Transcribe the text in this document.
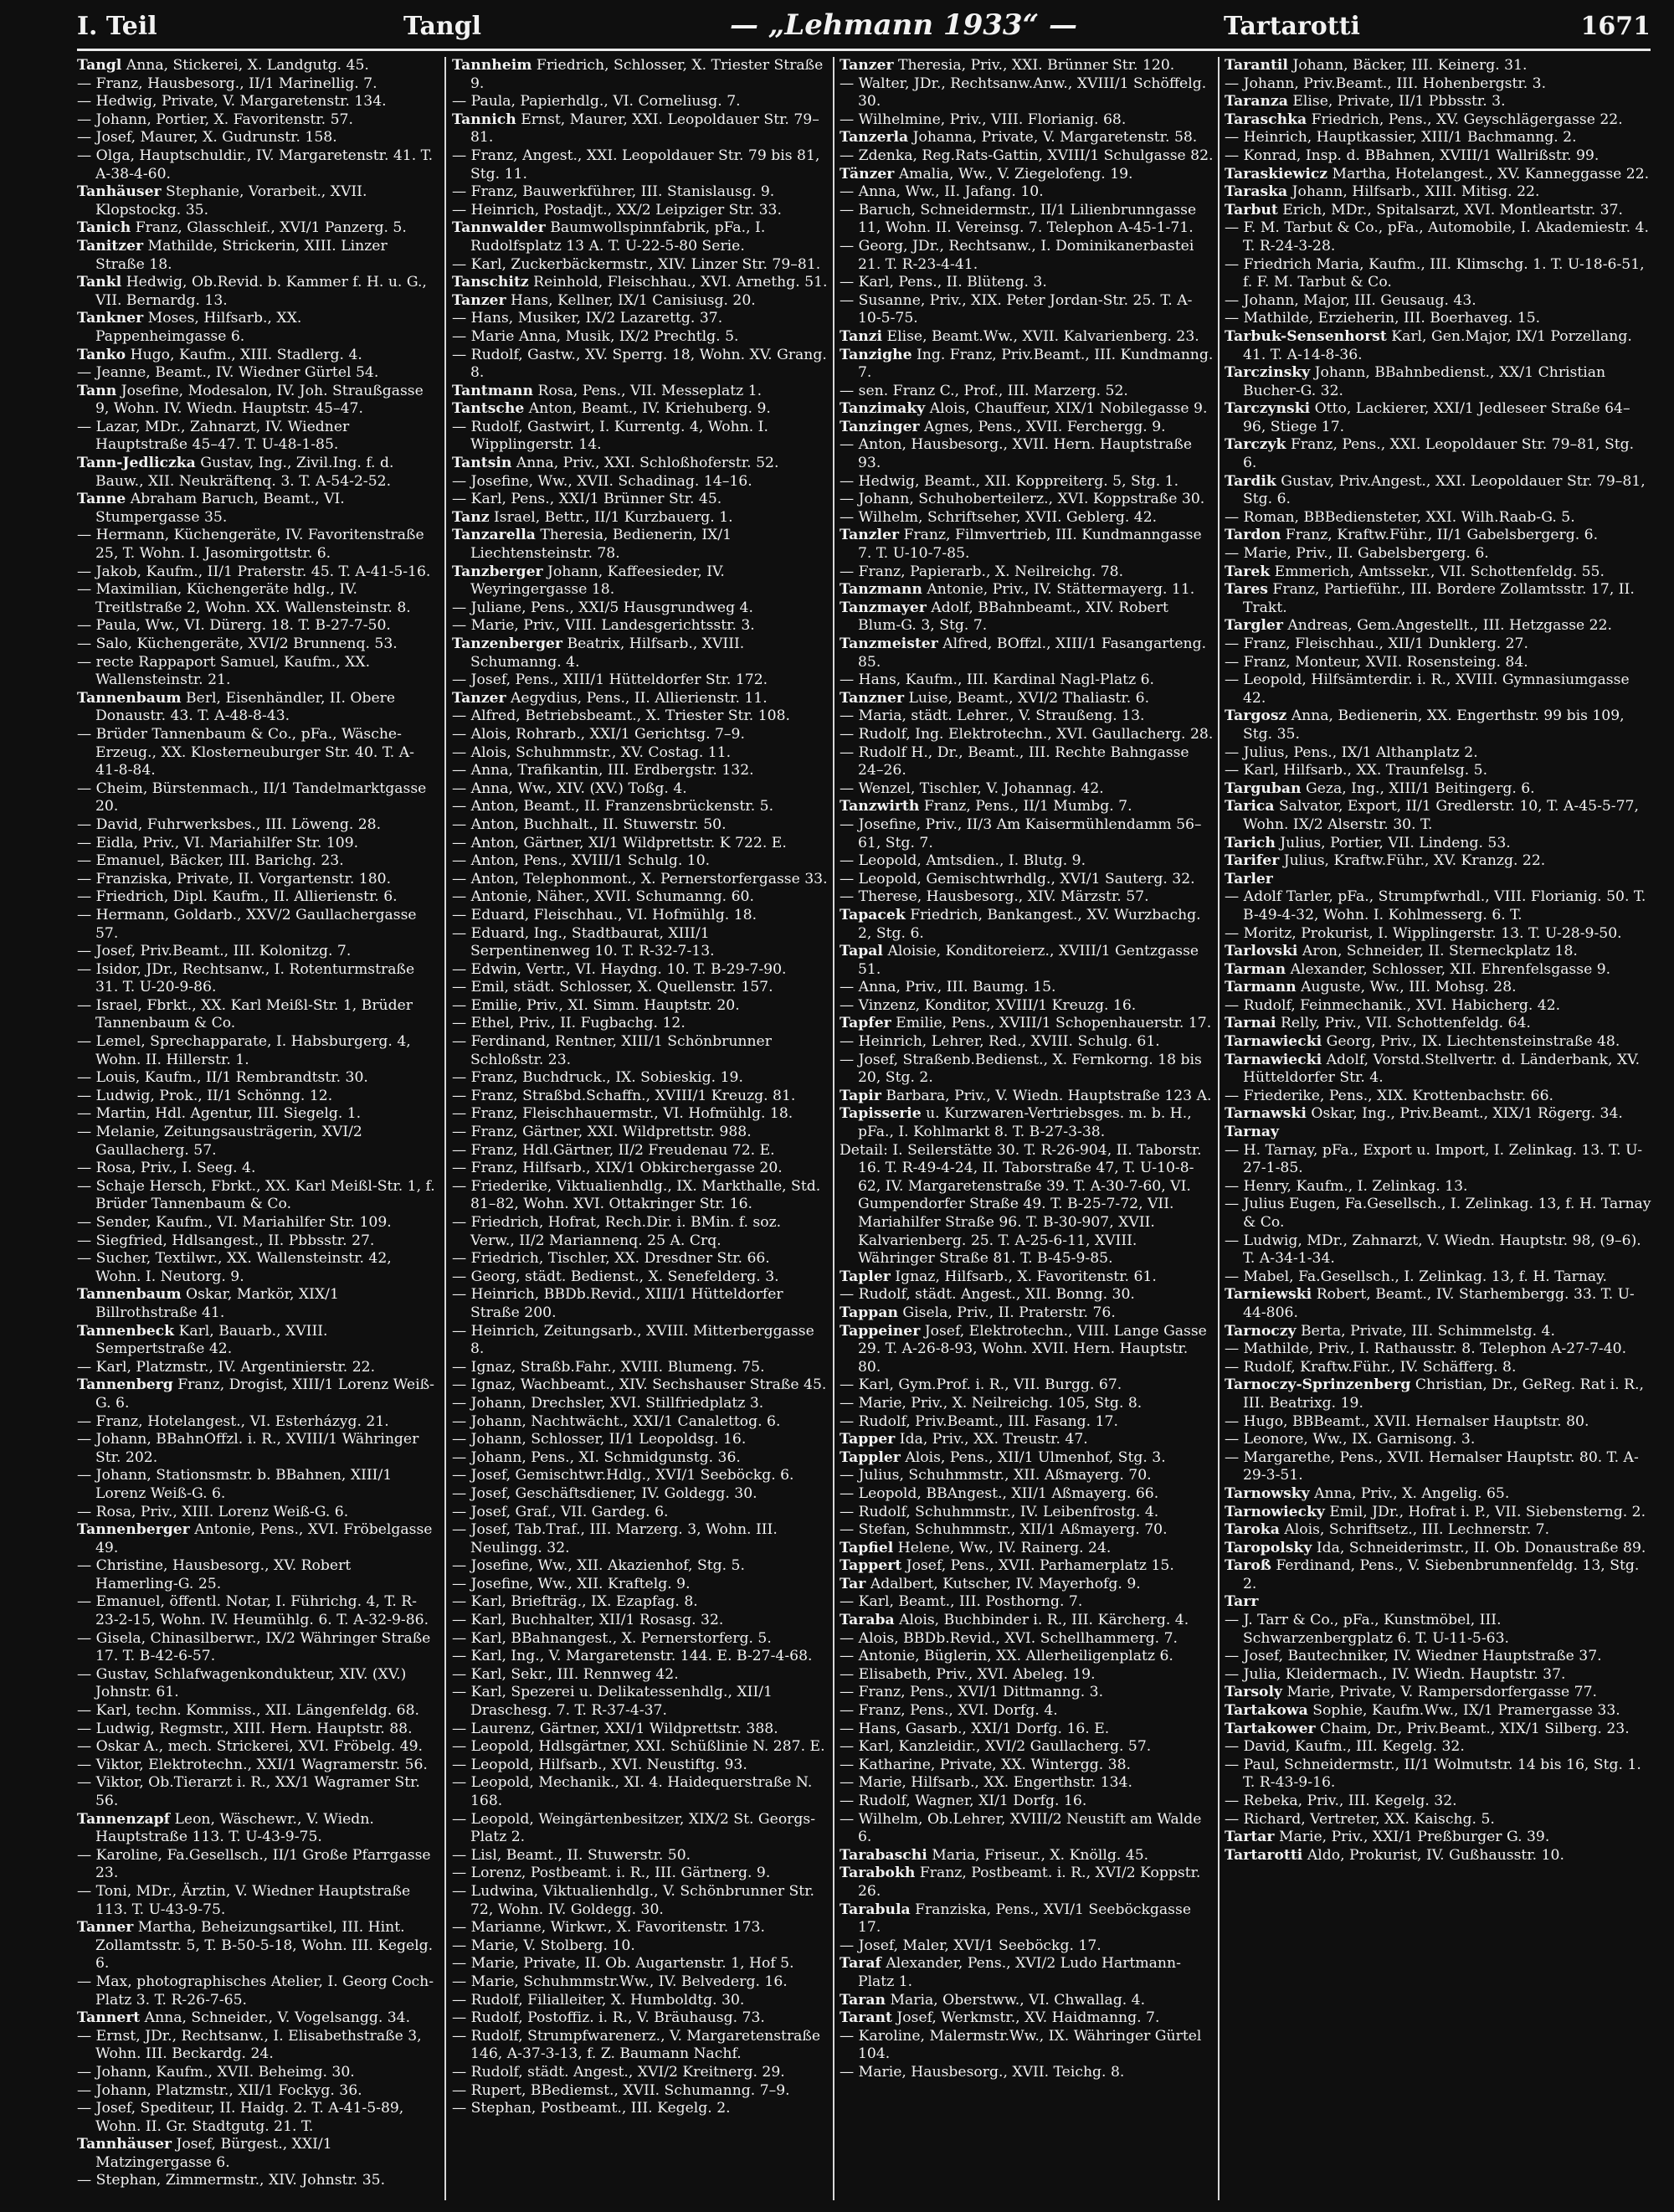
I. Teil	Tangl	— „Lehmann 1933“ —	Tartarotti	1671

Tangl Anna, Stickerei, X. Landgutg. 45.

— Franz, Hausbesorg., II/1 Marinellig. 7.

— Hedwig, Private, V. Margaretenstr. 134.

— Johann, Portier, X. Favoritenstr. 57.

— Josef, Maurer, X. Gudrunstr. 158.

— Olga, Hauptschuldir., IV. Margaretenstr. 41. T. A-38-4-60.

Tanhäuser Stephanie, Vorarbeit., XVII. Klopstockg. 35.

Tanich Franz, Glasschleif., XVI/1 Panzerg. 5.

Tanitzer Mathilde, Strickerin, XIII. Linzer Straße 18.

Tankl Hedwig, Ob.Revid. b. Kammer f. H. u. G., VII. Bernardg. 13.

Tankner Moses, Hilfsarb., XX. Pappenheimgasse 6.

Tanko Hugo, Kaufm., XIII. Stadlerg. 4.

— Jeanne, Beamt., IV. Wiedner Gürtel 54.

Tann Josefine, Modesalon, IV. Joh. Straußgasse 9, Wohn. IV. Wiedn. Hauptstr. 45–47.

— Lazar, MDr., Zahnarzt, IV. Wiedner Hauptstraße 45–47. T. U-48-1-85.

Tann-Jedliczka Gustav, Ing., Zivil.Ing. f. d. Bauw., XII. Neukräftenq. 3. T. A-54-2-52.

Tanne Abraham Baruch, Beamt., VI. Stumpergasse 35.

— Hermann, Küchengeräte, IV. Favoritenstraße 25, T. Wohn. I. Jasomirgottstr. 6.

— Jakob, Kaufm., II/1 Praterstr. 45. T. A-41-5-16.

— Maximilian, Küchengeräte hdlg., IV. Treitlstraße 2, Wohn. XX. Wallensteinstr. 8.

— Paula, Ww., VI. Dürerg. 18. T. B-27-7-50.

— Salo, Küchengeräte, XVI/2 Brunnenq. 53.

— recte Rappaport Samuel, Kaufm., XX. Wallensteinstr. 21.

Tannenbaum Berl, Eisenhändler, II. Obere Donaustr. 43. T. A-48-8-43.

— Brüder Tannenbaum & Co., pFa., Wäsche-Erzeug., XX. Klosterneuburger Str. 40. T. A-41-8-84.

— Cheim, Bürstenmach., II/1 Tandelmarktgasse 20.

— David, Fuhrwerksbes., III. Löweng. 28.

— Eidla, Priv., VI. Mariahilfer Str. 109.

— Emanuel, Bäcker, III. Barichg. 23.

— Franziska, Private, II. Vorgartenstr. 180.

— Friedrich, Dipl. Kaufm., II. Allierienstr. 6.

— Hermann, Goldarb., XXV/2 Gaullachergasse 57.

— Josef, Priv.Beamt., III. Kolonitzg. 7.

— Isidor, JDr., Rechtsanw., I. Rotenturmstraße 31. T. U-20-9-86.

— Israel, Fbrkt., XX. Karl Meißl-Str. 1, Brüder Tannenbaum & Co.

— Lemel, Sprechapparate, I. Habsburgerg. 4, Wohn. II. Hillerstr. 1.

— Louis, Kaufm., II/1 Rembrandtstr. 30.

— Ludwig, Prok., II/1 Schönng. 12.

— Martin, Hdl. Agentur, III. Siegelg. 1.

— Melanie, Zeitungsausträgerin, XVI/2 Gaullacherg. 57.

— Rosa, Priv., I. Seeg. 4.

— Schaje Hersch, Fbrkt., XX. Karl Meißl-Str. 1, f. Brüder Tannenbaum & Co.

— Sender, Kaufm., VI. Mariahilfer Str. 109.

— Siegfried, Hdlsangest., II. Pbbsstr. 27.

— Sucher, Textilwr., XX. Wallensteinstr. 42, Wohn. I. Neutorg. 9.

Tannenbaum Oskar, Markör, XIX/1 Billrothstraße 41.

Tannenbeck Karl, Bauarb., XVIII. Sempertstraße 42.

— Karl, Platzmstr., IV. Argentinierstr. 22.

Tannenberg Franz, Drogist, XIII/1 Lorenz Weiß-G. 6.

— Franz, Hotelangest., VI. Esterházyg. 21.

— Johann, BBahnOffzl. i. R., XVIII/1 Währinger Str. 202.

— Johann, Stationsmstr. b. BBahnen, XIII/1 Lorenz Weiß-G. 6.

— Rosa, Priv., XIII. Lorenz Weiß-G. 6.

Tannenberger Antonie, Pens., XVI. Fröbelgasse 49.

— Christine, Hausbesorg., XV. Robert Hamerling-G. 25.

— Emanuel, öffentl. Notar, I. Führichg. 4, T. R-23-2-15, Wohn. IV. Heumühlg. 6. T. A-32-9-86.

— Gisela, Chinasilberwr., IX/2 Währinger Straße 17. T. B-42-6-57.

— Gustav, Schlafwagenkondukteur, XIV. (XV.) Johnstr. 61.

— Karl, techn. Kommiss., XII. Längenfeldg. 68.

— Ludwig, Regmstr., XIII. Hern. Hauptstr. 88.

— Oskar A., mech. Strickerei, XVI. Fröbelg. 49.

— Viktor, Elektrotechn., XXI/1 Wagramerstr. 56.

— Viktor, Ob.Tierarzt i. R., XX/1 Wagramer Str. 56.

Tannenzapf Leon, Wäschewr., V. Wiedn. Hauptstraße 113. T. U-43-9-75.

— Karoline, Fa.Gesellsch., II/1 Große Pfarrgasse 23.

— Toni, MDr., Ärztin, V. Wiedner Hauptstraße 113. T. U-43-9-75.

Tanner Martha, Beheizungsartikel, III. Hint. Zollamtsstr. 5, T. B-50-5-18, Wohn. III. Kegelg. 6.

— Max, photographisches Atelier, I. Georg Coch-Platz 3. T. R-26-7-65.

Tannert Anna, Schneider., V. Vogelsangg. 34.

— Ernst, JDr., Rechtsanw., I. Elisabethstraße 3, Wohn. III. Beckardg. 24.

— Johann, Kaufm., XVII. Beheimg. 30.

— Johann, Platzmstr., XII/1 Fockyg. 36.

— Josef, Spediteur, II. Haidg. 2. T. A-41-5-89, Wohn. II. Gr. Stadtgutg. 21. T.

Tannhäuser Josef, Bürgest., XXI/1 Matzingergasse 6.

— Stephan, Zimmermstr., XIV. Johnstr. 35.

Tannheim Friedrich, Schlosser, X. Triester Straße 9.

— Paula, Papierhdlg., VI. Corneliusg. 7.

Tannich Ernst, Maurer, XXI. Leopoldauer Str. 79–81.

— Franz, Angest., XXI. Leopoldauer Str. 79 bis 81, Stg. 11.

— Franz, Bauwerkführer, III. Stanislausg. 9.

— Heinrich, Postadjt., XX/2 Leipziger Str. 33.

Tannwalder Baumwollspinnfabrik, pFa., I. Rudolfsplatz 13 A. T. U-22-5-80 Serie.

— Karl, Zuckerbäckermstr., XIV. Linzer Str. 79–81.

Tanschitz Reinhold, Fleischhau., XVI. Arnethg. 51.

Tanzer Hans, Kellner, IX/1 Canisiusg. 20.

— Hans, Musiker, IX/2 Lazarettg. 37.

— Marie Anna, Musik, IX/2 Prechtlg. 5.

— Rudolf, Gastw., XV. Sperrg. 18, Wohn. XV. Grang. 8.

Tantmann Rosa, Pens., VII. Messeplatz 1.

Tantsche Anton, Beamt., IV. Kriehuberg. 9.

— Rudolf, Gastwirt, I. Kurrentg. 4, Wohn. I. Wipplingerstr. 14.

Tantsin Anna, Priv., XXI. Schloßhoferstr. 52.

— Josefine, Ww., XVII. Schadinag. 14–16.

— Karl, Pens., XXI/1 Brünner Str. 45.

Tanz Israel, Bettr., II/1 Kurzbauerg. 1.

Tanzarella Theresia, Bedienerin, IX/1 Liechtensteinstr. 78.

Tanzberger Johann, Kaffeesieder, IV. Weyringergasse 18.

— Juliane, Pens., XXI/5 Hausgrundweg 4.

— Marie, Priv., VIII. Landesgerichtsstr. 3.

Tanzenberger Beatrix, Hilfsarb., XVIII. Schumanng. 4.

— Josef, Pens., XIII/1 Hütteldorfer Str. 172.

Tanzer Aegydius, Pens., II. Allierienstr. 11.

— Alfred, Betriebsbeamt., X. Triester Str. 108.

— Alois, Rohrarb., XXI/1 Gerichtsg. 7–9.

— Alois, Schuhmmstr., XV. Costag. 11.

— Anna, Trafikantin, III. Erdbergstr. 132.

— Anna, Ww., XIV. (XV.) Toßg. 4.

— Anton, Beamt., II. Franzensbrückenstr. 5.

— Anton, Buchhalt., II. Stuwerstr. 50.

— Anton, Gärtner, XI/1 Wildprettstr. K 722. E.

— Anton, Pens., XVIII/1 Schulg. 10.

— Anton, Telephonmont., X. Pernerstorfergasse 33.

— Antonie, Näher., XVII. Schumanng. 60.

— Eduard, Fleischhau., VI. Hofmühlg. 18.

— Eduard, Ing., Stadtbaurat, XIII/1 Serpentinenweg 10. T. R-32-7-13.

— Edwin, Vertr., VI. Haydng. 10. T. B-29-7-90.

— Emil, städt. Schlosser, X. Quellenstr. 157.

— Emilie, Priv., XI. Simm. Hauptstr. 20.

— Ethel, Priv., II. Fugbachg. 12.

— Ferdinand, Rentner, XIII/1 Schönbrunner Schloßstr. 23.

— Franz, Buchdruck., IX. Sobieskig. 19.

— Franz, Straßbd.Schaffn., XVIII/1 Kreuzg. 81.

— Franz, Fleischhauermstr., VI. Hofmühlg. 18.

— Franz, Gärtner, XXI. Wildprettstr. 988.

— Franz, Hdl.Gärtner, II/2 Freudenau 72. E.

— Franz, Hilfsarb., XIX/1 Obkirchergasse 20.

— Friederike, Viktualienhdlg., IX. Markthalle, Std. 81–82, Wohn. XVI. Ottakringer Str. 16.

— Friedrich, Hofrat, Rech.Dir. i. BMin. f. soz. Verw., II/2 Mariannenq. 25 A. Crq.

— Friedrich, Tischler, XX. Dresdner Str. 66.

— Georg, städt. Bedienst., X. Senefelderg. 3.

— Heinrich, BBDb.Revid., XIII/1 Hütteldorfer Straße 200.

— Heinrich, Zeitungsarb., XVIII. Mitterberggasse 8.

— Ignaz, Straßb.Fahr., XVIII. Blumeng. 75.

— Ignaz, Wachbeamt., XIV. Sechshauser Straße 45.

— Johann, Drechsler, XVI. Stillfriedplatz 3.

— Johann, Nachtwächt., XXI/1 Canalettog. 6.

— Johann, Schlosser, II/1 Leopoldsg. 16.

— Johann, Pens., XI. Schmidgunstg. 36.

— Josef, Gemischtwr.Hdlg., XVI/1 Seeböckg. 6.

— Josef, Geschäftsdiener, IV. Goldegg. 30.

— Josef, Graf., VII. Gardeg. 6.

— Josef, Tab.Traf., III. Marzerg. 3, Wohn. III. Neulingg. 32.

— Josefine, Ww., XII. Akazienhof, Stg. 5.

— Josefine, Ww., XII. Kraftelg. 9.

— Karl, Briefträg., IX. Ezapfag. 8.

— Karl, Buchhalter, XII/1 Rosasg. 32.

— Karl, BBahnangest., X. Pernerstorferg. 5.

— Karl, Ing., V. Margaretenstr. 144. E. B-27-4-68.

— Karl, Sekr., III. Rennweg 42.

— Karl, Spezerei u. Delikatessenhdlg., XII/1 Draschesg. 7. T. R-37-4-37.

— Laurenz, Gärtner, XXI/1 Wildprettstr. 388.

— Leopold, Hdlsgärtner, XXI. Schüßlinie N. 287. E.

— Leopold, Hilfsarb., XVI. Neustiftg. 93.

— Leopold, Mechanik., XI. 4. Haidequerstraße N. 168.

— Leopold, Weingärtenbesitzer, XIX/2 St. Georgs-Platz 2.

— Lisl, Beamt., II. Stuwerstr. 50.

— Lorenz, Postbeamt. i. R., III. Gärtnerg. 9.

— Ludwina, Viktualienhdlg., V. Schönbrunner Str. 72, Wohn. IV. Goldegg. 30.

— Marianne, Wirkwr., X. Favoritenstr. 173.

— Marie, V. Stolberg. 10.

— Marie, Private, II. Ob. Augartenstr. 1, Hof 5.

— Marie, Schuhmmstr.Ww., IV. Belvederg. 16.

— Rudolf, Filialleiter, X. Humboldtg. 30.

— Rudolf, Postoffiz. i. R., V. Bräuhausg. 73.

— Rudolf, Strumpfwarenerz., V. Margaretenstraße 146, A-37-3-13, f. Z. Baumann Nachf.

— Rudolf, städt. Angest., XVI/2 Kreitnerg. 29.

— Rupert, BBediemst., XVII. Schumanng. 7–9.

— Stephan, Postbeamt., III. Kegelg. 2.

Tanzer Theresia, Priv., XXI. Brünner Str. 120.

— Walter, JDr., Rechtsanw.Anw., XVIII/1 Schöffelg. 30.

— Wilhelmine, Priv., VIII. Florianig. 68.

Tanzerla Johanna, Private, V. Margaretenstr. 58.

— Zdenka, Reg.Rats-Gattin, XVIII/1 Schulgasse 82.

Tänzer Amalia, Ww., V. Ziegelofeng. 19.

— Anna, Ww., II. Jafang. 10.

— Baruch, Schneidermstr., II/1 Lilienbrunngasse 11, Wohn. II. Vereinsg. 7. Telephon A-45-1-71.

— Georg, JDr., Rechtsanw., I. Dominikanerbastei 21. T. R-23-4-41.

— Karl, Pens., II. Blüteng. 3.

— Susanne, Priv., XIX. Peter Jordan-Str. 25. T. A-10-5-75.

Tanzi Elise, Beamt.Ww., XVII. Kalvarienberg. 23.

Tanzighe Ing. Franz, Priv.Beamt., III. Kundmanng. 7.

— sen. Franz C., Prof., III. Marzerg. 52.

Tanzimaky Alois, Chauffeur, XIX/1 Nobilegasse 9.

Tanzinger Agnes, Pens., XVII. Ferchergg. 9.

— Anton, Hausbesorg., XVII. Hern. Hauptstraße 93.

— Hedwig, Beamt., XII. Koppreiterg. 5, Stg. 1.

— Johann, Schuhoberteilerz., XVI. Koppstraße 30.

— Wilhelm, Schriftseher, XVII. Geblerg. 42.

Tanzler Franz, Filmvertrieb, III. Kundmanngasse 7. T. U-10-7-85.

— Franz, Papierarb., X. Neilreichg. 78.

Tanzmann Antonie, Priv., IV. Stättermayerg. 11.

Tanzmayer Adolf, BBahnbeamt., XIV. Robert Blum-G. 3, Stg. 7.

Tanzmeister Alfred, BOffzl., XIII/1 Fasangarteng. 85.

— Hans, Kaufm., III. Kardinal Nagl-Platz 6.

Tanzner Luise, Beamt., XVI/2 Thaliastr. 6.

— Maria, städt. Lehrer., V. Straußeng. 13.

— Rudolf, Ing. Elektrotechn., XVI. Gaullacherg. 28.

— Rudolf H., Dr., Beamt., III. Rechte Bahngasse 24–26.

— Wenzel, Tischler, V. Johannag. 42.

Tanzwirth Franz, Pens., II/1 Mumbg. 7.

— Josefine, Priv., II/3 Am Kaisermühlendamm 56–61, Stg. 7.

— Leopold, Amtsdien., I. Blutg. 9.

— Leopold, Gemischtwrhdlg., XVI/1 Sauterg. 32.

— Therese, Hausbesorg., XIV. Märzstr. 57.

Tapacek Friedrich, Bankangest., XV. Wurzbachg. 2, Stg. 6.

Tapal Aloisie, Konditoreierz., XVIII/1 Gentzgasse 51.

— Anna, Priv., III. Baumg. 15.

— Vinzenz, Konditor, XVIII/1 Kreuzg. 16.

Tapfer Emilie, Pens., XVIII/1 Schopenhauerstr. 17.

— Heinrich, Lehrer, Red., XVIII. Schulg. 61.

— Josef, Straßenb.Bedienst., X. Fernkorng. 18 bis 20, Stg. 2.

Tapir Barbara, Priv., V. Wiedn. Hauptstraße 123 A.

Tapisserie u. Kurzwaren-Vertriebsges. m. b. H., pFa., I. Kohlmarkt 8. T. B-27-3-38.

Detail: I. Seilerstätte 30. T. R-26-904, II. Taborstr. 16. T. R-49-4-24, II. Taborstraße 47, T. U-10-8-62, IV. Margaretenstraße 39. T. A-30-7-60, VI. Gumpendorfer Straße 49. T. B-25-7-72, VII. Mariahilfer Straße 96. T. B-30-907, XVII. Kalvarienberg. 25. T. A-25-6-11, XVIII. Währinger Straße 81. T. B-45-9-85.

Tapler Ignaz, Hilfsarb., X. Favoritenstr. 61.

— Rudolf, städt. Angest., XII. Bonng. 30.

Tappan Gisela, Priv., II. Praterstr. 76.

Tappeiner Josef, Elektrotechn., VIII. Lange Gasse 29. T. A-26-8-93, Wohn. XVII. Hern. Hauptstr. 80.

— Karl, Gym.Prof. i. R., VII. Burgg. 67.

— Marie, Priv., X. Neilreichg. 105, Stg. 8.

— Rudolf, Priv.Beamt., III. Fasang. 17.

Tapper Ida, Priv., XX. Treustr. 47.

Tappler Alois, Pens., XII/1 Ulmenhof, Stg. 3.

— Julius, Schuhmmstr., XII. Aßmayerg. 70.

— Leopold, BBAngest., XII/1 Aßmayerg. 66.

— Rudolf, Schuhmmstr., IV. Leibenfrostg. 4.

— Stefan, Schuhmmstr., XII/1 Aßmayerg. 70.

Tapfiel Helene, Ww., IV. Rainerg. 24.

Tappert Josef, Pens., XVII. Parhamerplatz 15.

Tar Adalbert, Kutscher, IV. Mayerhofg. 9.

— Karl, Beamt., III. Posthorng. 7.

Taraba Alois, Buchbinder i. R., III. Kärcherg. 4.

— Alois, BBDb.Revid., XVI. Schellhammerg. 7.

— Antonie, Büglerin, XX. Allerheiligenplatz 6.

— Elisabeth, Priv., XVI. Abeleg. 19.

— Franz, Pens., XVI/1 Dittmanng. 3.

— Franz, Pens., XVI. Dorfg. 4.

— Hans, Gasarb., XXI/1 Dorfg. 16. E.

— Karl, Kanzleidir., XVI/2 Gaullacherg. 57.

— Katharine, Private, XX. Wintergg. 38.

— Marie, Hilfsarb., XX. Engerthstr. 134.

— Rudolf, Wagner, XI/1 Dorfg. 16.

— Wilhelm, Ob.Lehrer, XVIII/2 Neustift am Walde 6.

Tarabaschi Maria, Friseur., X. Knöllg. 45.

Tarabokh Franz, Postbeamt. i. R., XVI/2 Koppstr. 26.

Tarabula Franziska, Pens., XVI/1 Seeböckgasse 17.

— Josef, Maler, XVI/1 Seeböckg. 17.

Taraf Alexander, Pens., XVI/2 Ludo Hartmann-Platz 1.

Taran Maria, Oberstww., VI. Chwallag. 4.

Tarant Josef, Werkmstr., XV. Haidmanng. 7.

— Karoline, Malermstr.Ww., IX. Währinger Gürtel 104.

— Marie, Hausbesorg., XVII. Teichg. 8.

Tarantil Johann, Bäcker, III. Keinerg. 31.

— Johann, Priv.Beamt., III. Hohenbergstr. 3.

Taranza Elise, Private, II/1 Pbbsstr. 3.

Taraschka Friedrich, Pens., XV. Geyschlägergasse 22.

— Heinrich, Hauptkassier, XIII/1 Bachmanng. 2.

— Konrad, Insp. d. BBahnen, XVIII/1 Wallrißstr. 99.

Taraskiewicz Martha, Hotelangest., XV. Kanneggasse 22.

Taraska Johann, Hilfsarb., XIII. Mitisg. 22.

Tarbut Erich, MDr., Spitalsarzt, XVI. Montleartstr. 37.

— F. M. Tarbut & Co., pFa., Automobile, I. Akademiestr. 4. T. R-24-3-28.

— Friedrich Maria, Kaufm., III. Klimschg. 1. T. U-18-6-51, f. F. M. Tarbut & Co.

— Johann, Major, III. Geusaug. 43.

— Mathilde, Erzieherin, III. Boerhaveg. 15.

Tarbuk-Sensenhorst Karl, Gen.Major, IX/1 Porzellang. 41. T. A-14-8-36.

Tarczinsky Johann, BBahnbedienst., XX/1 Christian Bucher-G. 32.

Tarczynski Otto, Lackierer, XXI/1 Jedleseer Straße 64–96, Stiege 17.

Tarczyk Franz, Pens., XXI. Leopoldauer Str. 79–81, Stg. 6.

Tardik Gustav, Priv.Angest., XXI. Leopoldauer Str. 79–81, Stg. 6.

— Roman, BBBediensteter, XXI. Wilh.Raab-G. 5.

Tardon Franz, Kraftw.Führ., II/1 Gabelsbergerg. 6.

— Marie, Priv., II. Gabelsbergerg. 6.

Tarek Emmerich, Amtssekr., VII. Schottenfeldg. 55.

Tares Franz, Partieführ., III. Bordere Zollamtsstr. 17, II. Trakt.

Targler Andreas, Gem.Angestellt., III. Hetzgasse 22.

— Franz, Fleischhau., XII/1 Dunklerg. 27.

— Franz, Monteur, XVII. Rosensteing. 84.

— Leopold, Hilfsämterdir. i. R., XVIII. Gymnasiumgasse 42.

Targosz Anna, Bedienerin, XX. Engerthstr. 99 bis 109, Stg. 35.

— Julius, Pens., IX/1 Althanplatz 2.

— Karl, Hilfsarb., XX. Traunfelsg. 5.

Targuban Geza, Ing., XIII/1 Beitingerg. 6.

Tarica Salvator, Export, II/1 Gredlerstr. 10, T. A-45-5-77, Wohn. IX/2 Alserstr. 30. T.

Tarich Julius, Portier, VII. Lindeng. 53.

Tarifer Julius, Kraftw.Führ., XV. Kranzg. 22.

Tarler

— Adolf Tarler, pFa., Strumpfwrhdl., VIII. Florianig. 50. T. B-49-4-32, Wohn. I. Kohlmesserg. 6. T.

— Moritz, Prokurist, I. Wipplingerstr. 13. T. U-28-9-50.

Tarlovski Aron, Schneider, II. Sterneckplatz 18.

Tarman Alexander, Schlosser, XII. Ehrenfelsgasse 9.

Tarmann Auguste, Ww., III. Mohsg. 28.

— Rudolf, Feinmechanik., XVI. Habicherg. 42.

Tarnai Relly, Priv., VII. Schottenfeldg. 64.

Tarnawiecki Georg, Priv., IX. Liechtensteinstraße 48.

Tarnawiecki Adolf, Vorstd.Stellvertr. d. Länderbank, XV. Hütteldorfer Str. 4.

— Friederike, Pens., XIX. Krottenbachstr. 66.

Tarnawski Oskar, Ing., Priv.Beamt., XIX/1 Rögerg. 34.

Tarnay

— H. Tarnay, pFa., Export u. Import, I. Zelinkag. 13. T. U-27-1-85.

— Henry, Kaufm., I. Zelinkag. 13.

— Julius Eugen, Fa.Gesellsch., I. Zelinkag. 13, f. H. Tarnay & Co.

— Ludwig, MDr., Zahnarzt, V. Wiedn. Hauptstr. 98, (9–6). T. A-34-1-34.

— Mabel, Fa.Gesellsch., I. Zelinkag. 13, f. H. Tarnay.

Tarniewski Robert, Beamt., IV. Starhembergg. 33. T. U-44-806.

Tarnoczy Berta, Private, III. Schimmelstg. 4.

— Mathilde, Priv., I. Rathausstr. 8. Telephon A-27-7-40.

— Rudolf, Kraftw.Führ., IV. Schäfferg. 8.

Tarnoczy-Sprinzenberg Christian, Dr., GeReg. Rat i. R., III. Beatrixg. 19.

— Hugo, BBBeamt., XVII. Hernalser Hauptstr. 80.

— Leonore, Ww., IX. Garnisong. 3.

— Margarethe, Pens., XVII. Hernalser Hauptstr. 80. T. A-29-3-51.

Tarnowsky Anna, Priv., X. Angelig. 65.

Tarnowiecky Emil, JDr., Hofrat i. P., VII. Siebensterng. 2.

Taroka Alois, Schriftsetz., III. Lechnerstr. 7.

Taropolsky Ida, Schneiderimstr., II. Ob. Donaustraße 89.

Taroß Ferdinand, Pens., V. Siebenbrunnenfeldg. 13, Stg. 2.

Tarr

— J. Tarr & Co., pFa., Kunstmöbel, III. Schwarzenbergplatz 6. T. U-11-5-63.

— Josef, Bautechniker, IV. Wiedner Hauptstraße 37.

— Julia, Kleidermach., IV. Wiedn. Hauptstr. 37.

Tarsoly Marie, Private, V. Rampersdorfergasse 77.

Tartakowa Sophie, Kaufm.Ww., IX/1 Pramergasse 33.

Tartakower Chaim, Dr., Priv.Beamt., XIX/1 Silberg. 23.

— David, Kaufm., III. Kegelg. 32.

— Paul, Schneidermstr., II/1 Wolmutstr. 14 bis 16, Stg. 1. T. R-43-9-16.

— Rebeka, Priv., III. Kegelg. 32.

— Richard, Vertreter, XX. Kaischg. 5.

Tartar Marie, Priv., XXI/1 Preßburger G. 39.

Tartarotti Aldo, Prokurist, IV. Gußhausstr. 10.
